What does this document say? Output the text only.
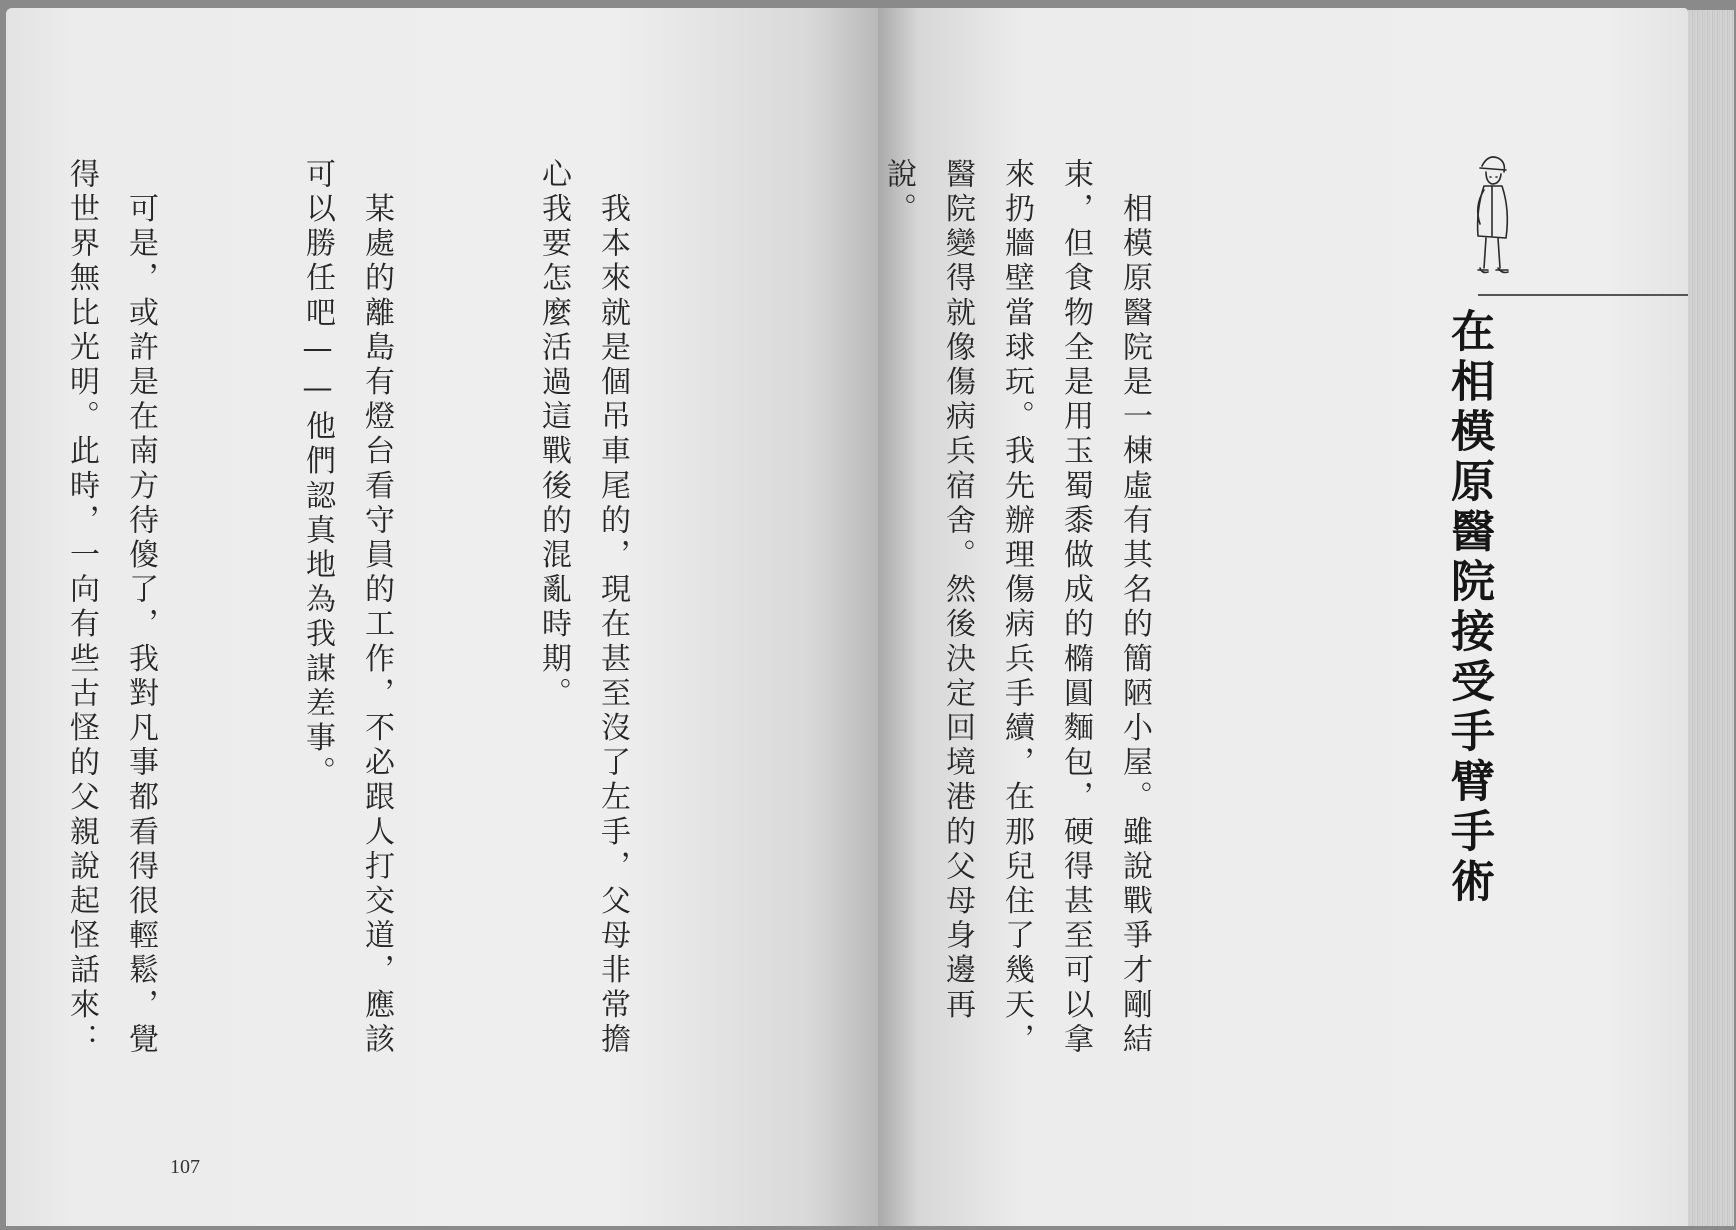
　我本來就是個吊車尾的，現在甚至沒了左手，父母非常擔心我要怎麼活過這戰後的混亂時期。

　某處的離島有燈台看守員的工作，不必跟人打交道，應該可以勝任吧——他們認真地為我謀差事。

　可是，或許是在南方待傻了，我對凡事都看得很輕鬆，覺得世界無比光明。此時，一向有些古怪的父親說起怪話來：

107

　相模原醫院是一棟虛有其名的簡陋小屋。雖說戰爭才剛結束，但食物全是用玉蜀黍做成的橢圓麵包，硬得甚至可以拿來扔牆壁當球玩。我先辦理傷病兵手續，在那兒住了幾天，醫院變得就像傷病兵宿舍。然後決定回境港的父母身邊再說。

在相模原醫院接受手臂手術
